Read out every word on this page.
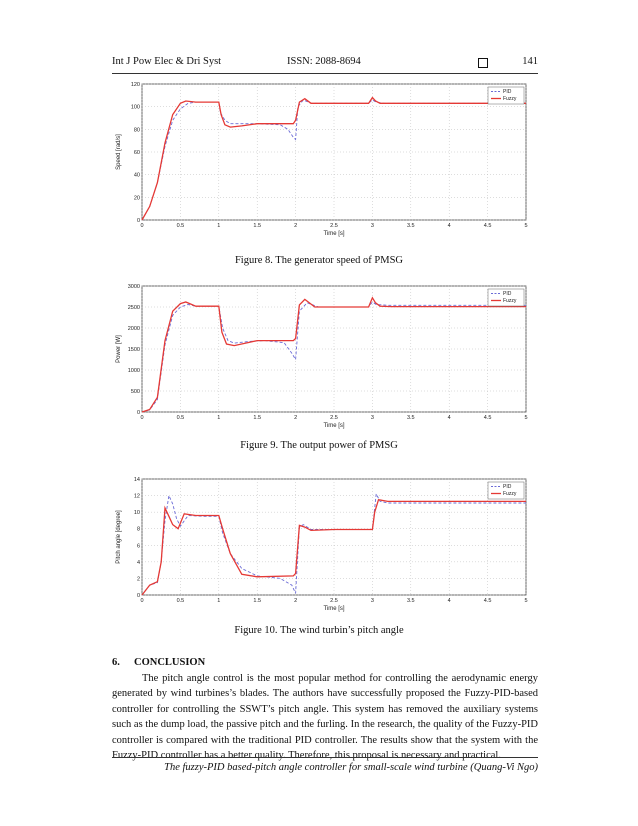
Int J Pow Elec & Dri Syst	ISSN: 2088-8694	141
0	0.5	1	1.5	2	2.5	3	3.5	4	4.5	5
0
20
40
60
80
100
120
Time [s]
Speed [rad/s]
PID
Fuzzy
Figure 8. The generator speed of PMSG
0	0.5	1	1.5	2	2.5	3	3.5	4	4.5	5
0
500
1000
1500
2000
2500
3000
Time [s]
Power [W]
PID
Fuzzy
Figure 9. The output power of PMSG
0	0.5	1	1.5	2	2.5	3	3.5	4	4.5	5
0
2
4
6
8
10
12
14
Time [s]
Pitch angle [degree]
PID
Fuzzy
Figure 10. The wind turbin’s pitch angle
6. CONCLUSION

The pitch angle control is the most popular method for controlling the aerodynamic energy generated by wind turbines’s blades. The authors have successfully proposed the Fuzzy-PID-based controller for controlling the SSWT’s pitch angle. This system has removed the auxiliary systems such as the dump load, the passive pitch and the furling. In the research, the quality of the Fuzzy-PID controller is compared with the traditional PID controller. The results show that the system with the Fuzzy-PID controller has a better quality. Therefore, this proposal is necessary and practical.

The fuzzy-PID based-pitch angle controller for small-scale wind turbine (Quang-Vi Ngo)
